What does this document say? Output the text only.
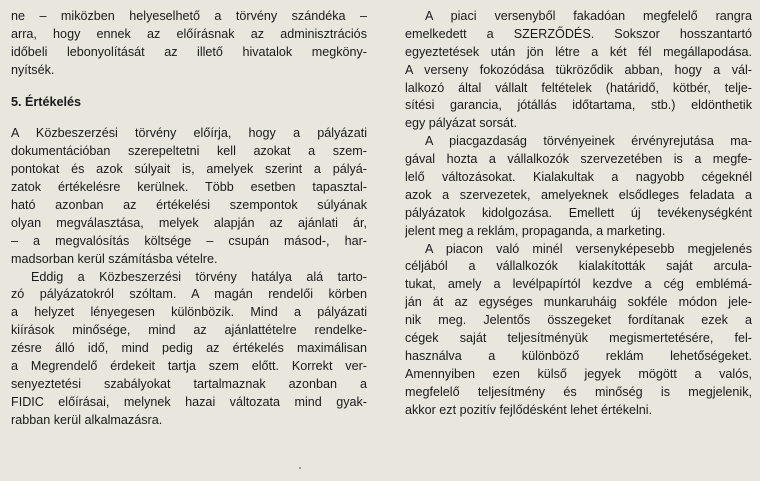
ne – miközben helyeselhető a törvény szándéka –
arra, hogy ennek az előírásnak az adminisztrációs
időbeli lebonyolítását az illető hivatalok megköny-
nyítsék.
5. Értékelés
A Közbeszerzési törvény előírja, hogy a pályázati
dokumentációban szerepeltetni kell azokat a szem-
pontokat és azok súlyait is, amelyek szerint a pályá-
zatok értékelésre kerülnek. Több esetben tapasztal-
ható azonban az értékelési szempontok súlyának
olyan megválasztása, melyek alapján az ajánlati ár,
– a megvalósítás költsége – csupán másod-, har-
madsorban kerül számításba vételre.
Eddig a Közbeszerzési törvény hatálya alá tarto-
zó pályázatokról szóltam. A magán rendelői körben
a helyzet lényegesen különbözik. Mind a pályázati
kiírások minősége, mind az ajánlattételre rendelke-
zésre álló idő, mind pedig az értékelés maximálisan
a Megrendelő érdekeit tartja szem előtt. Korrekt ver-
senyeztetési szabályokat tartalmaznak azonban a
FIDIC előírásai, melynek hazai változata mind gyak-
rabban kerül alkalmazásra.
A piaci versenyből fakadóan megfelelő rangra
emelkedett a SZERZŐDÉS. Sokszor hosszantartó
egyeztetések után jön létre a két fél megállapodása.
A verseny fokozódása tükröződik abban, hogy a vál-
lalkozó által vállalt feltételek (határidő, kötbér, telje-
sítési garancia, jótállás időtartama, stb.) eldönthetik
egy pályázat sorsát.
A piacgazdaság törvényeinek érvényrejutása ma-
gával hozta a vállalkozók szervezetében is a megfe-
lelő változásokat. Kialakultak a nagyobb cégeknél
azok a szervezetek, amelyeknek elsődleges feladata a
pályázatok kidolgozása. Emellett új tevékenységként
jelent meg a reklám, propaganda, a marketing.
A piacon való minél versenyképesebb megjelenés
céljából a vállalkozók kialakították saját arcula-
tukat, amely a levélpapírtól kezdve a cég emblémá-
ján át az egységes munkaruháig sokféle módon jele-
nik meg. Jelentős összegeket fordítanak ezek a
cégek saját teljesítményük megismertetésére, fel-
használva a különböző reklám lehetőségeket.
Amennyiben ezen külső jegyek mögött a valós,
megfelelő teljesítmény és minőség is megjelenik,
akkor ezt pozitív fejlődésként lehet értékelni.
